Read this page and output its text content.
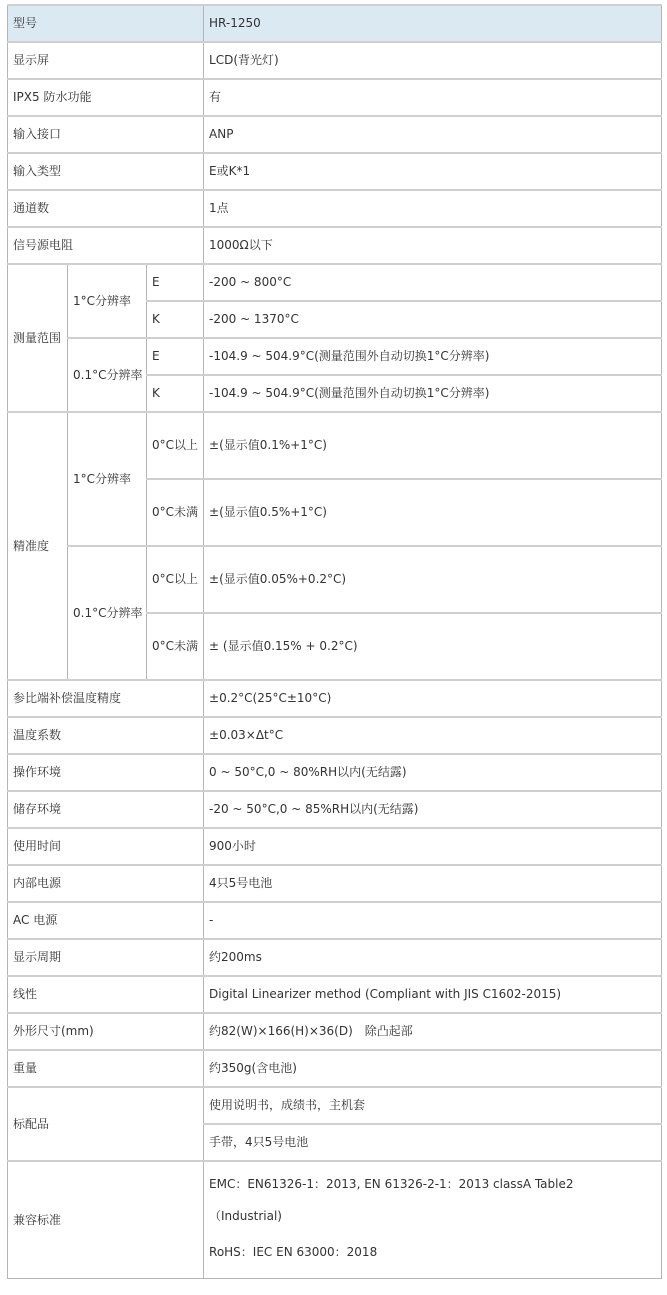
型号			HR-1250
显示屏			LCD(背光灯)
IPX5 防水功能			有
输入接口			ANP
输入类型			E或K*1
通道数			1点
信号源电阻			1000Ω以下
测量范围	1°C分辨率	E	-200 ~ 800°C
		K	-200 ~ 1370°C
	0.1°C分辨率	E	-104.9 ~ 504.9°C(测量范围外自动切换1°C分辨率)
		K	-104.9 ~ 504.9°C(测量范围外自动切换1°C分辨率)
精准度	1°C分辨率	0°C以上	±(显示值0.1%+1°C)
		0°C未满	±(显示值0.5%+1°C)
	0.1°C分辨率	0°C以上	±(显示值0.05%+0.2°C)
		0°C未满	± (显示值0.15% + 0.2°C)
参比端补偿温度精度			±0.2°C(25°C±10°C)
温度系数			±0.03×Δt°C
操作环境			0 ~ 50°C,0 ~ 80%RH以内(无结露)
储存环境			-20 ~ 50°C,0 ~ 85%RH以内(无结露)
使用时间			900小时
内部电源			4只5号电池
AC 电源			-
显示周期			约200ms
线性			Digital Linearizer method (Compliant with JIS C1602-2015)
外形尺寸(mm)			约82(W)×166(H)×36(D)　除凸起部
重量			约350g(含电池)
标配品			使用说明书，成绩书，主机套
			手带，4只5号电池
兼容标准			EMC：EN61326-1：2013, EN 61326-2-1：2013 classA Table2（Industrial)
RoHS：IEC EN 63000：2018
